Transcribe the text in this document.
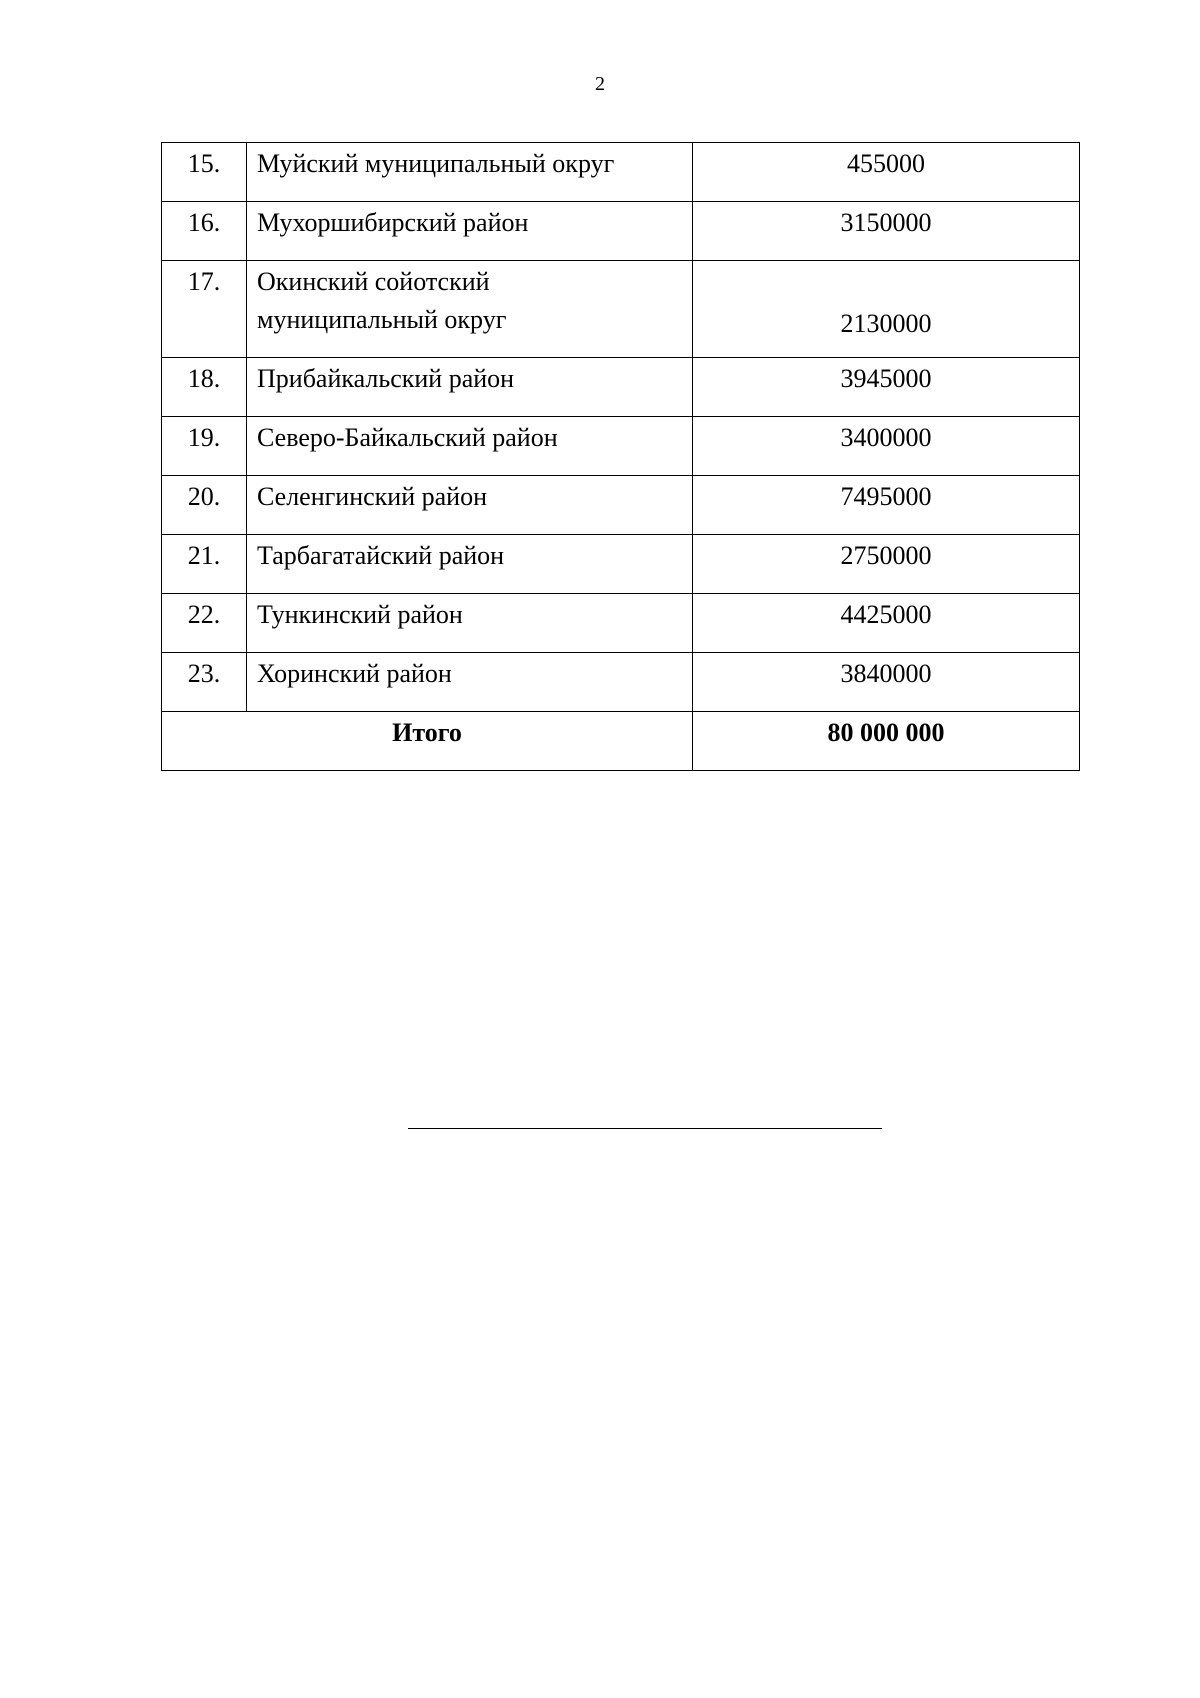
2
15.	Муйский муниципальный округ	455000
16.	Мухоршибирский район	3150000
17.	Окинский сойотский
муниципальный округ	2130000
18.	Прибайкальский район	3945000
19.	Северо-Байкальский район	3400000
20.	Селенгинский район	7495000
21.	Тарбагатайский район	2750000
22.	Тункинский район	4425000
23.	Хоринский район	3840000
Итого		80 000 000
